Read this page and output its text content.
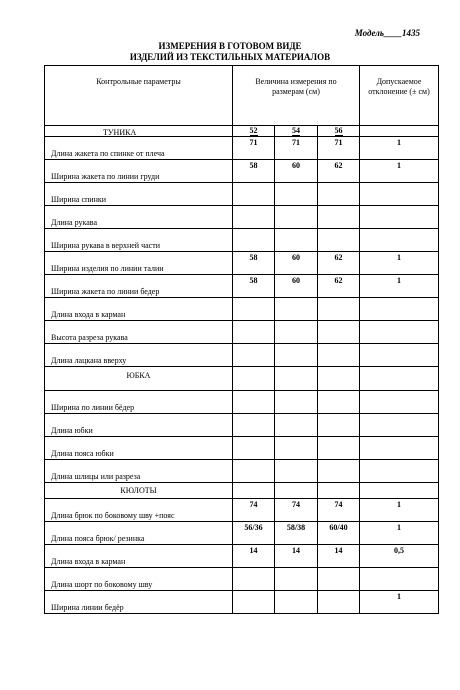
Модель____1435
ИЗМЕРЕНИЯ В ГОТОВОМ ВИДЕ
ИЗДЕЛИЙ ИЗ ТЕКСТИЛЬНЫХ МАТЕРИАЛОВ
Контрольные параметры	Величина измерения по размерам (см)			Допускаемое отклонение (± см)

ТУНИКА	52	54	56	

Длина жакета по спинке от плеча	71	71	71	1

Ширина жакета по линии груди	58	60	62	1

Ширина спинки				

Длина рукава				

Ширина рукава в верхней части				

Ширина изделия по линии талии	58	60	62	1

Ширина жакета по линии бедер	58	60	62	1

Длина входа в карман				

Высота разреза рукава				

Длина лацкана вверху				

ЮБКА				

Ширина по линии бёдер				

Длина юбки				

Длина пояса юбки				

Длина шлицы или разреза				

КЮЛОТЫ				

Длина брюк по боковому шву +пояс	74	74	74	1

Длина пояса брюк/ резинка	56/36	58/38	60/40	1

Длина входа в карман	14	14	14	0,5

Длина шорт по боковому шву				

Ширина линии бедёр				1
